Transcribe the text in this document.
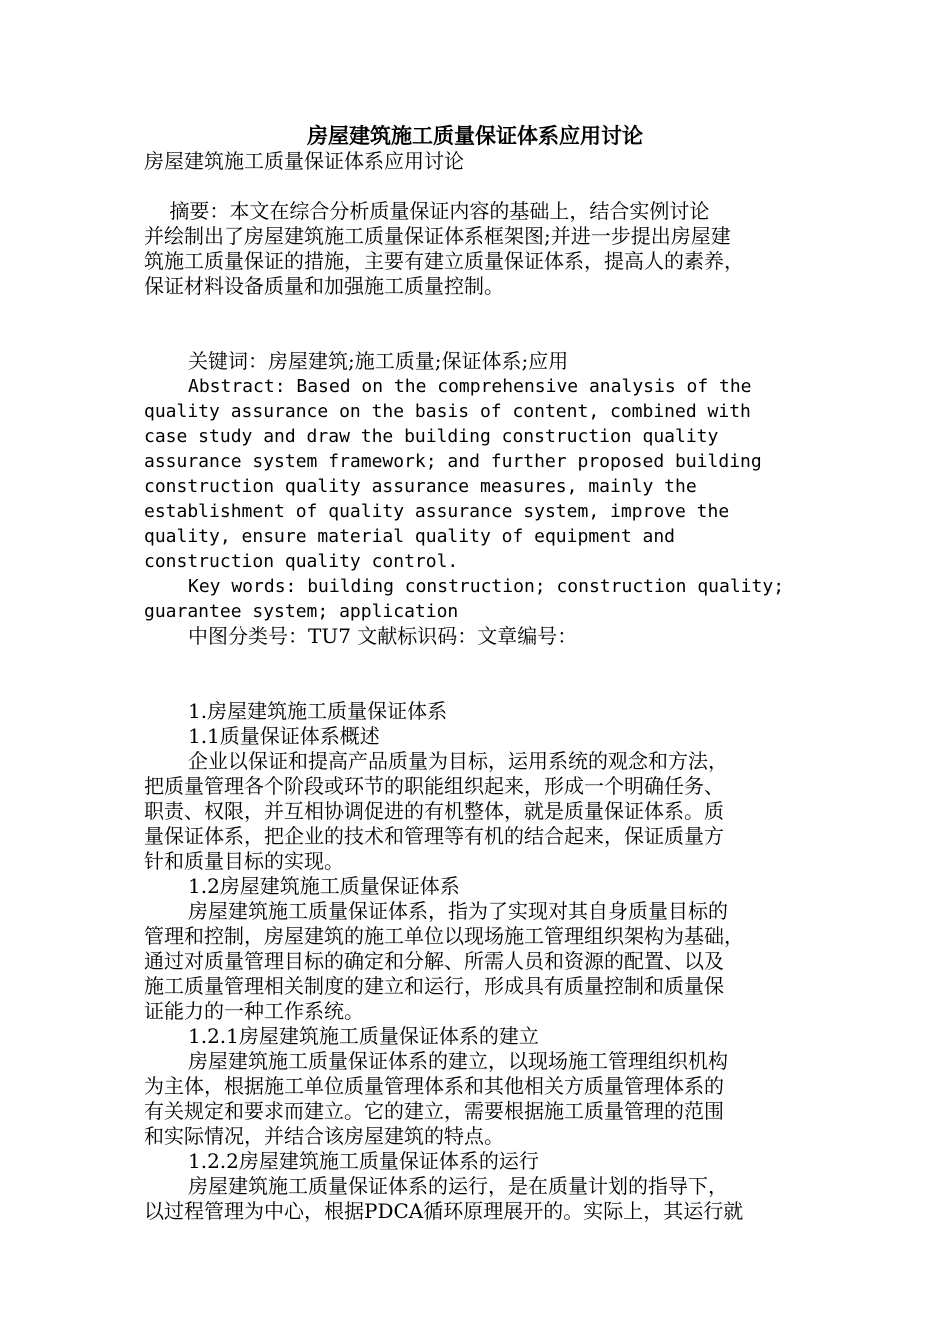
房屋建筑施工质量保证体系应用讨论
房屋建筑施工质量保证体系应用讨论
摘要：本文在综合分析质量保证内容的基础上，结合实例讨论
并绘制出了房屋建筑施工质量保证体系框架图;并进一步提出房屋建
筑施工质量保证的措施，主要有建立质量保证体系，提高人的素养，
保证材料设备质量和加强施工质量控制。
关键词：房屋建筑;施工质量;保证体系;应用
Abstract: Based on the comprehensive analysis of the
quality assurance on the basis of content, combined with
case study and draw the building construction quality
assurance system framework; and further proposed building
construction quality assurance measures, mainly the
establishment of quality assurance system, improve the
quality, ensure material quality of equipment and
construction quality control.
Key words: building construction; construction quality;
guarantee system; application
中图分类号：TU7 文献标识码：文章编号：
1.房屋建筑施工质量保证体系
1.1质量保证体系概述
企业以保证和提高产品质量为目标，运用系统的观念和方法，
把质量管理各个阶段或环节的职能组织起来，形成一个明确任务、
职责、权限，并互相协调促进的有机整体，就是质量保证体系。质
量保证体系，把企业的技术和管理等有机的结合起来，保证质量方
针和质量目标的实现。
1.2房屋建筑施工质量保证体系
房屋建筑施工质量保证体系，指为了实现对其自身质量目标的
管理和控制，房屋建筑的施工单位以现场施工管理组织架构为基础，
通过对质量管理目标的确定和分解、所需人员和资源的配置、以及
施工质量管理相关制度的建立和运行，形成具有质量控制和质量保
证能力的一种工作系统。
1.2.1房屋建筑施工质量保证体系的建立
房屋建筑施工质量保证体系的建立，以现场施工管理组织机构
为主体，根据施工单位质量管理体系和其他相关方质量管理体系的
有关规定和要求而建立。它的建立，需要根据施工质量管理的范围
和实际情况，并结合该房屋建筑的特点。
1.2.2房屋建筑施工质量保证体系的运行
房屋建筑施工质量保证体系的运行，是在质量计划的指导下，
以过程管理为中心，根据PDCA循环原理展开的。实际上，其运行就
